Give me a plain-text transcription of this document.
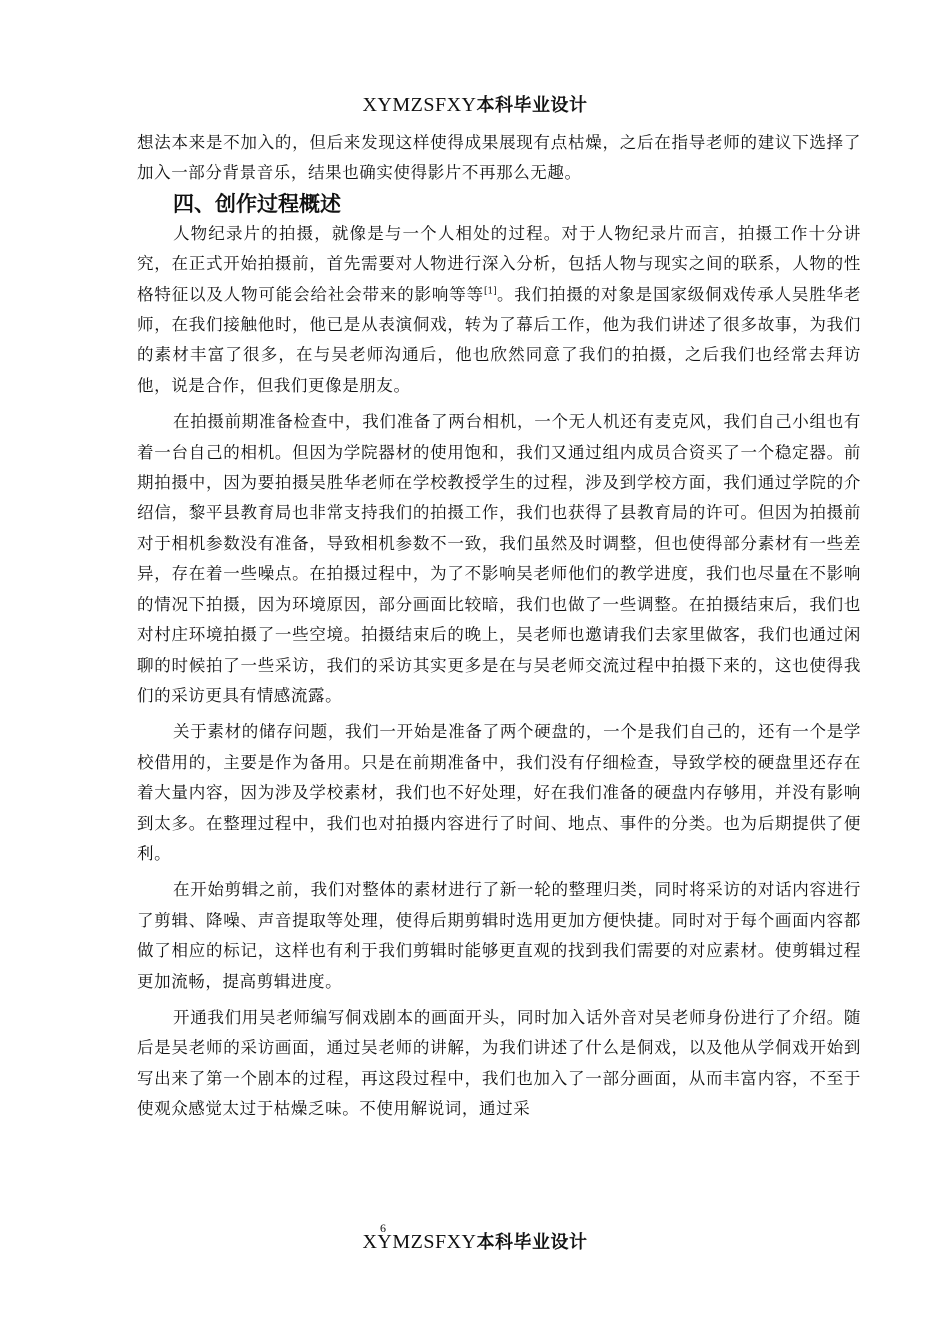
XYMZSFXY本科毕业设计

想法本来是不加入的，但后来发现这样使得成果展现有点枯燥，之后在指导老师的建议下选择了加入一部分背景音乐，结果也确实使得影片不再那么无趣。

四、创作过程概述

人物纪录片的拍摄，就像是与一个人相处的过程。对于人物纪录片而言，拍摄工作十分讲究，在正式开始拍摄前，首先需要对人物进行深入分析，包括人物与现实之间的联系，人物的性格特征以及人物可能会给社会带来的影响等等[1]。我们拍摄的对象是国家级侗戏传承人吴胜华老师，在我们接触他时，他已是从表演侗戏，转为了幕后工作，他为我们讲述了很多故事，为我们的素材丰富了很多，在与吴老师沟通后，他也欣然同意了我们的拍摄，之后我们也经常去拜访他，说是合作，但我们更像是朋友。

在拍摄前期准备检查中，我们准备了两台相机，一个无人机还有麦克风，我们自己小组也有着一台自己的相机。但因为学院器材的使用饱和，我们又通过组内成员合资买了一个稳定器。前期拍摄中，因为要拍摄吴胜华老师在学校教授学生的过程，涉及到学校方面，我们通过学院的介绍信，黎平县教育局也非常支持我们的拍摄工作，我们也获得了县教育局的许可。但因为拍摄前对于相机参数没有准备，导致相机参数不一致，我们虽然及时调整，但也使得部分素材有一些差异，存在着一些噪点。在拍摄过程中，为了不影响吴老师他们的教学进度，我们也尽量在不影响的情况下拍摄，因为环境原因，部分画面比较暗，我们也做了一些调整。在拍摄结束后，我们也对村庄环境拍摄了一些空境。拍摄结束后的晚上，吴老师也邀请我们去家里做客，我们也通过闲聊的时候拍了一些采访，我们的采访其实更多是在与吴老师交流过程中拍摄下来的，这也使得我们的采访更具有情感流露。

关于素材的储存问题，我们一开始是准备了两个硬盘的，一个是我们自己的，还有一个是学校借用的，主要是作为备用。只是在前期准备中，我们没有仔细检查，导致学校的硬盘里还存在着大量内容，因为涉及学校素材，我们也不好处理，好在我们准备的硬盘内存够用，并没有影响到太多。在整理过程中，我们也对拍摄内容进行了时间、地点、事件的分类。也为后期提供了便利。

在开始剪辑之前，我们对整体的素材进行了新一轮的整理归类，同时将采访的对话内容进行了剪辑、降噪、声音提取等处理，使得后期剪辑时选用更加方便快捷。同时对于每个画面内容都做了相应的标记，这样也有利于我们剪辑时能够更直观的找到我们需要的对应素材。使剪辑过程更加流畅，提高剪辑进度。

开通我们用吴老师编写侗戏剧本的画面开头，同时加入话外音对吴老师身份进行了介绍。随后是吴老师的采访画面，通过吴老师的讲解，为我们讲述了什么是侗戏，以及他从学侗戏开始到写出来了第一个剧本的过程，再这段过程中，我们也加入了一部分画面，从而丰富内容，不至于使观众感觉太过于枯燥乏味。不使用解说词，通过采

6
XYMZSFXY本科毕业设计
